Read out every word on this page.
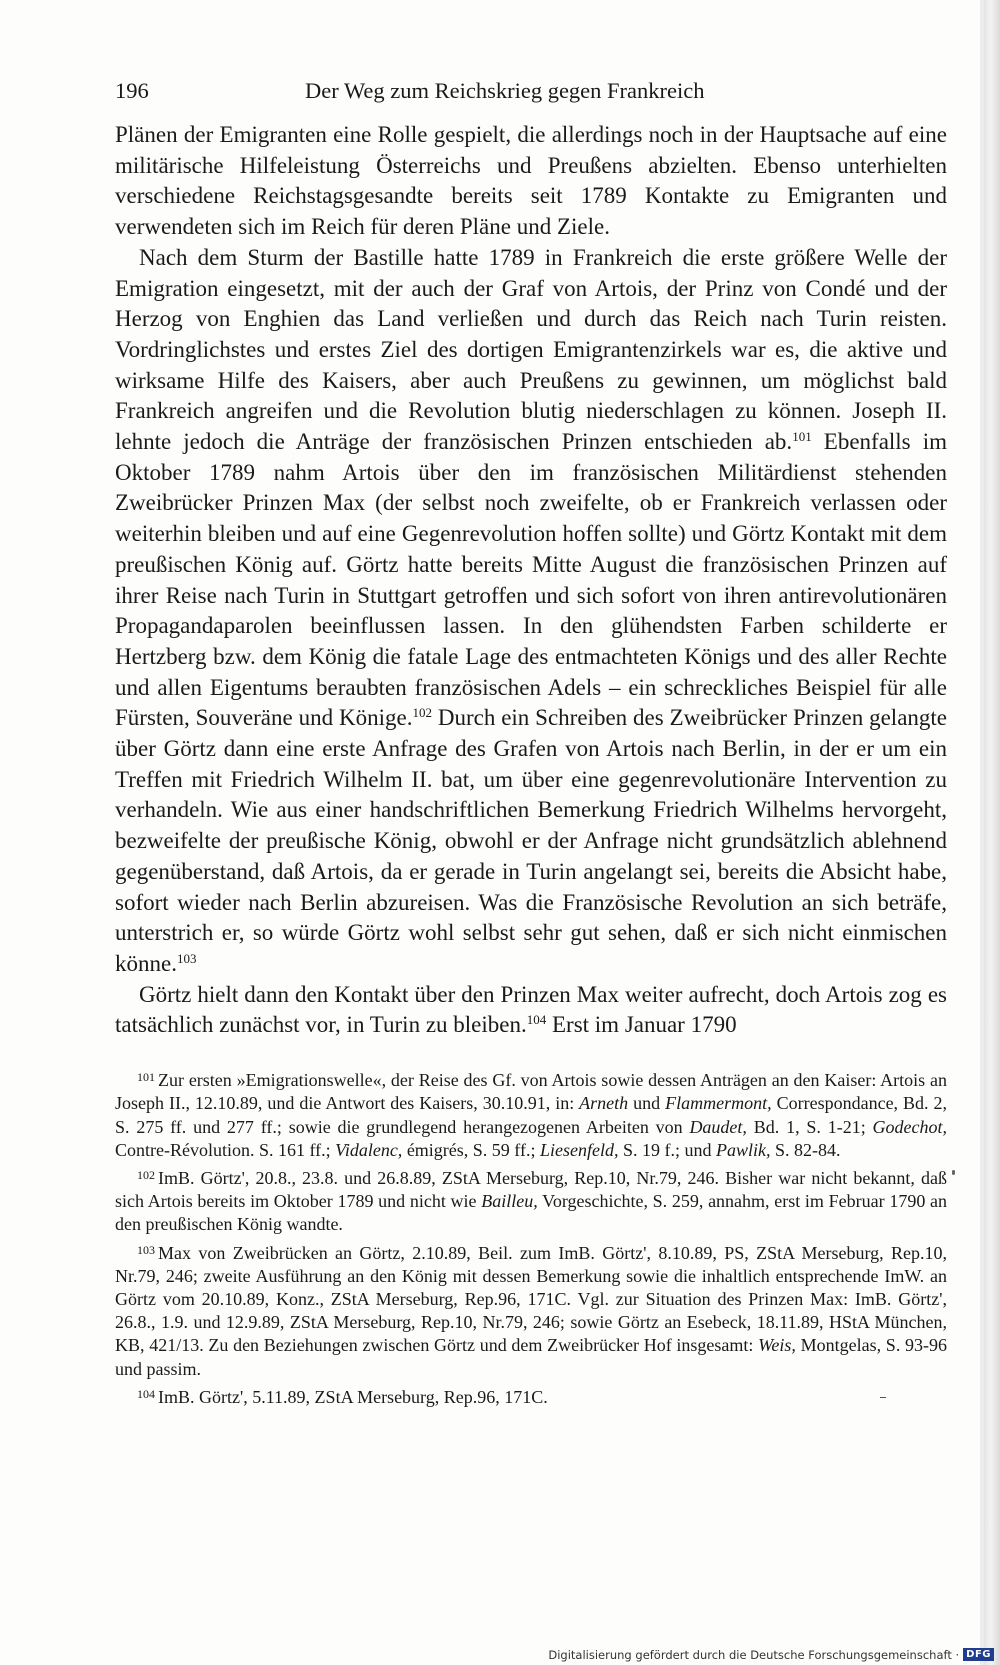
196	Der Weg zum Reichskrieg gegen Frankreich

Plänen der Emigranten eine Rolle gespielt, die allerdings noch in der Hauptsache auf eine militärische Hilfeleistung Österreichs und Preußens abzielten. Ebenso unterhielten verschiedene Reichstagsgesandte bereits seit 1789 Kontakte zu Emigranten und verwendeten sich im Reich für deren Pläne und Ziele.

Nach dem Sturm der Bastille hatte 1789 in Frankreich die erste größere Welle der Emigration eingesetzt, mit der auch der Graf von Artois, der Prinz von Condé und der Herzog von Enghien das Land verließen und durch das Reich nach Turin reisten. Vordringlichstes und erstes Ziel des dortigen Emigrantenzirkels war es, die aktive und wirksame Hilfe des Kaisers, aber auch Preußens zu gewinnen, um möglichst bald Frankreich angreifen und die Revolution blutig niederschlagen zu können. Joseph II. lehnte jedoch die Anträge der französischen Prinzen entschieden ab.$^{101}$ Ebenfalls im Oktober 1789 nahm Artois über den im französischen Militärdienst stehenden Zweibrücker Prinzen Max (der selbst noch zweifelte, ob er Frankreich verlassen oder weiterhin bleiben und auf eine Gegenrevolution hoffen sollte) und Görtz Kontakt mit dem preußischen König auf. Görtz hatte bereits Mitte August die französischen Prinzen auf ihrer Reise nach Turin in Stuttgart getroffen und sich sofort von ihren antirevolutionären Propagandaparolen beeinflussen lassen. In den glühendsten Farben schilderte er Hertzberg bzw. dem König die fatale Lage des entmachteten Königs und des aller Rechte und allen Eigentums beraubten französischen Adels – ein schreckliches Beispiel für alle Fürsten, Souveräne und Könige.$^{102}$ Durch ein Schreiben des Zweibrücker Prinzen gelangte über Görtz dann eine erste Anfrage des Grafen von Artois nach Berlin, in der er um ein Treffen mit Friedrich Wilhelm II. bat, um über eine gegenrevolutionäre Intervention zu verhandeln. Wie aus einer handschriftlichen Bemerkung Friedrich Wilhelms hervorgeht, bezweifelte der preußische König, obwohl er der Anfrage nicht grundsätzlich ablehnend gegenüberstand, daß Artois, da er gerade in Turin angelangt sei, bereits die Absicht habe, sofort wieder nach Berlin abzureisen. Was die Französische Revolution an sich beträfe, unterstrich er, so würde Görtz wohl selbst sehr gut sehen, daß er sich nicht einmischen könne.$^{103}$

Görtz hielt dann den Kontakt über den Prinzen Max weiter aufrecht, doch Artois zog es tatsächlich zunächst vor, in Turin zu bleiben.$^{104}$ Erst im Januar 1790

$^{101}$ Zur ersten »Emigrationswelle«, der Reise des Gf. von Artois sowie dessen Anträgen an den Kaiser: Artois an Joseph II., 12.10.89, und die Antwort des Kaisers, 30.10.91, in: Arneth und Flammermont, Correspondance, Bd. 2, S. 275 ff. und 277 ff.; sowie die grundlegend herangezogenen Arbeiten von Daudet, Bd. 1, S. 1-21; Godechot, Contre-Révolution. S. 161 ff.; Vidalenc, émigrés, S. 59 ff.; Liesenfeld, S. 19 f.; und Pawlik, S. 82-84.

$^{102}$ ImB. Görtz', 20.8., 23.8. und 26.8.89, ZStA Merseburg, Rep.10, Nr.79, 246. Bisher war nicht bekannt, daß sich Artois bereits im Oktober 1789 und nicht wie Bailleu, Vorgeschichte, S. 259, annahm, erst im Februar 1790 an den preußischen König wandte.

$^{103}$ Max von Zweibrücken an Görtz, 2.10.89, Beil. zum ImB. Görtz', 8.10.89, PS, ZStA Merseburg, Rep.10, Nr.79, 246; zweite Ausführung an den König mit dessen Bemerkung sowie die inhaltlich entsprechende ImW. an Görtz vom 20.10.89, Konz., ZStA Merseburg, Rep.96, 171C. Vgl. zur Situation des Prinzen Max: ImB. Görtz', 26.8., 1.9. und 12.9.89, ZStA Merseburg, Rep.10, Nr.79, 246; sowie Görtz an Esebeck, 18.11.89, HStA München, KB, 421/13. Zu den Beziehungen zwischen Görtz und dem Zweibrücker Hof insgesamt: Weis, Montgelas, S. 93-96 und passim.

$^{104}$ ImB. Görtz', 5.11.89, ZStA Merseburg, Rep.96, 171C.

Digitalisierung gefördert durch die Deutsche Forschungsgemeinschaft · DFG
